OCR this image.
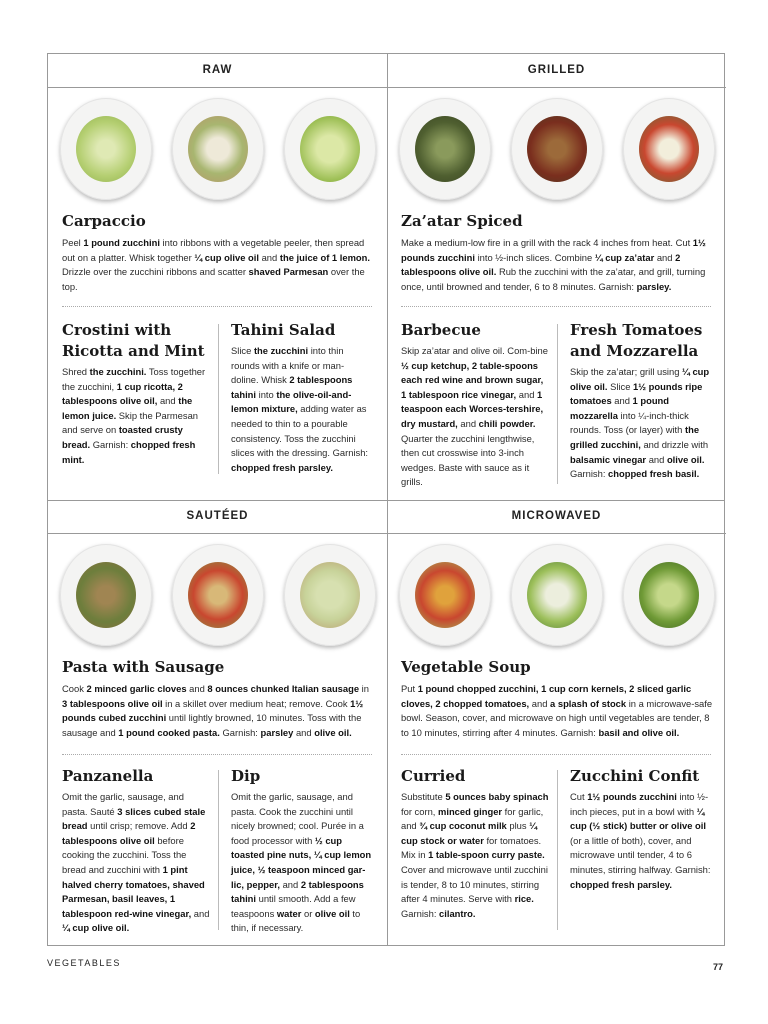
RAW
Carpaccio
Peel 1 pound zucchini into ribbons with a vegetable peeler, then spread out on a platter. Whisk together ¼ cup olive oil and the juice of 1 lemon. Drizzle over the zucchini ribbons and scatter shaved Parmesan over the top.
Crostini with Ricotta and Mint
Shred the zucchini. Toss together the zucchini, 1 cup ricotta, 2 tablespoons olive oil, and the lemon juice. Skip the Parmesan and serve on toasted crusty bread. Garnish: chopped fresh mint.
Tahini Salad
Slice the zucchini into thin rounds with a knife or man-doline. Whisk 2 tablespoons tahini into the olive-oil-and-lemon mixture, adding water as needed to thin to a pourable consistency. Toss the zucchini slices with the dressing. Garnish: chopped fresh parsley.
GRILLED
Za’atar Spiced
Make a medium-low fire in a grill with the rack 4 inches from heat. Cut 1½ pounds zucchini into ½-inch slices. Combine ¼ cup za’atar and 2 tablespoons olive oil. Rub the zucchini with the za’atar, and grill, turning once, until browned and tender, 6 to 8 minutes. Garnish: parsley.
Barbecue
Skip za’atar and olive oil. Com-bine ½ cup ketchup, 2 table-spoons each red wine and brown sugar, 1 tablespoon rice vinegar, and 1 teaspoon each Worces-tershire, dry mustard, and chili powder. Quarter the zucchini lengthwise, then cut crosswise into 3-inch wedges. Baste with sauce as it grills.
Fresh Tomatoes and Mozzarella
Skip the za’atar; grill using ¼ cup olive oil. Slice 1½ pounds ripe tomatoes and 1 pound mozzarella into ¼-inch-thick rounds. Toss (or layer) with the grilled zucchini, and drizzle with balsamic vinegar and olive oil. Garnish: chopped fresh basil.
SAUTÉED
Pasta with Sausage
Cook 2 minced garlic cloves and 8 ounces chunked Italian sausage in 3 tablespoons olive oil in a skillet over medium heat; remove. Cook 1½ pounds cubed zucchini until lightly browned, 10 minutes. Toss with the sausage and 1 pound cooked pasta. Garnish: parsley and olive oil.
Panzanella
Omit the garlic, sausage, and pasta. Sauté 3 slices cubed stale bread until crisp; remove. Add 2 tablespoons olive oil before cooking the zucchini. Toss the bread and zucchini with 1 pint halved cherry tomatoes, shaved Parmesan, basil leaves, 1 tablespoon red-wine vinegar, and ¼ cup olive oil.
Dip
Omit the garlic, sausage, and pasta. Cook the zucchini until nicely browned; cool. Purée in a food processor with ½ cup toasted pine nuts, ¼ cup lemon juice, ½ teaspoon minced gar-lic, pepper, and 2 tablespoons tahini until smooth. Add a few teaspoons water or olive oil to thin, if necessary.
MICROWAVED
Vegetable Soup
Put 1 pound chopped zucchini, 1 cup corn kernels, 2 sliced garlic cloves, 2 chopped tomatoes, and a splash of stock in a microwave-safe bowl. Season, cover, and microwave on high until vegetables are tender, 8 to 10 minutes, stirring after 4 minutes. Garnish: basil and olive oil.
Curried
Substitute 5 ounces baby spinach for corn, minced ginger for garlic, and ¾ cup coconut milk plus ¼ cup stock or water for tomatoes. Mix in 1 table-spoon curry paste. Cover and microwave until zucchini is tender, 8 to 10 minutes, stirring after 4 minutes. Serve with rice. Garnish: cilantro.
Zucchini Confit
Cut 1½ pounds zucchini into ½-inch pieces, put in a bowl with ¼ cup (½ stick) butter or olive oil (or a little of both), cover, and microwave until tender, 4 to 6 minutes, stirring halfway. Garnish: chopped fresh parsley.
VEGETABLES	77
